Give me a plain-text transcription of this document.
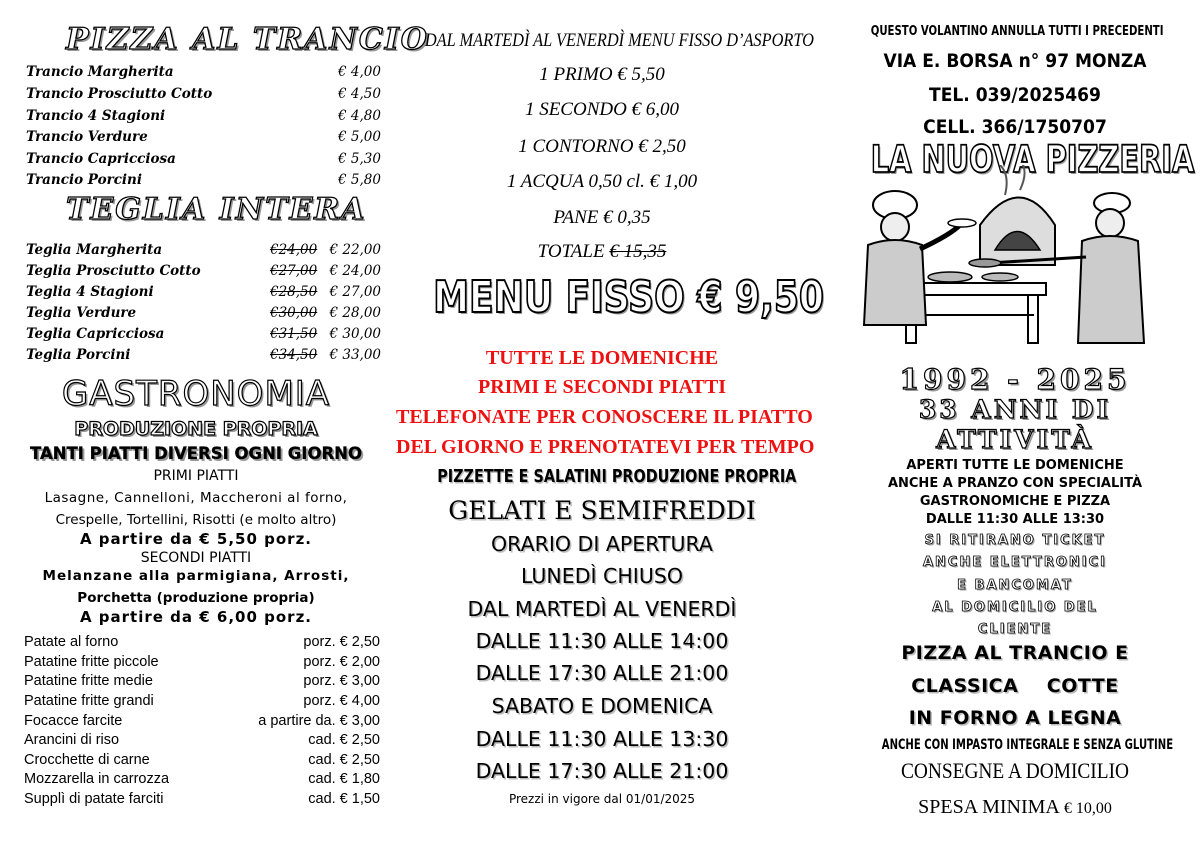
PIZZA AL TRANCIO
Trancio Margherita	€ 4,00
Trancio Prosciutto Cotto	€ 4,50
Trancio 4 Stagioni	€ 4,80
Trancio Verdure	€ 5,00
Trancio Capricciosa	€ 5,30
Trancio Porcini	€ 5,80
TEGLIA INTERA
Teglia Margherita	€24,00 € 22,00
Teglia Prosciutto Cotto	€27,00 € 24,00
Teglia 4 Stagioni	€28,50 € 27,00
Teglia Verdure	€30,00 € 28,00
Teglia Capricciosa	€31,50 € 30,00
Teglia Porcini	€34,50 € 33,00
GASTRONOMIA
PRODUZIONE PROPRIA
TANTI PIATTI DIVERSI OGNI GIORNO
PRIMI PIATTI
Lasagne, Cannelloni, Maccheroni al forno,
Crespelle, Tortellini, Risotti (e molto altro)
A partire da € 5,50 porz.
SECONDI PIATTI
Melanzane alla parmigiana, Arrosti,
Porchetta (produzione propria)
A partire da € 6,00 porz.
Patate al forno	porz. € 2,50
Patatine fritte piccole	porz. € 2,00
Patatine fritte medie	porz. € 3,00
Patatine fritte grandi	porz. € 4,00
Focacce farcite	a partire da. € 3,00
Arancini di riso	cad. € 2,50
Crocchette di carne	cad. € 2,50
Mozzarella in carrozza	cad. € 1,80
Supplì di patate farciti	cad. € 1,50
DAL MARTEDÌ AL VENERDÌ MENU FISSO D’ASPORTO
1 PRIMO € 5,50
1 SECONDO € 6,00
1 CONTORNO € 2,50
1 ACQUA 0,50 cl. € 1,00
PANE € 0,35
TOTALE € 15,35
MENU FISSO € 9,50
TUTTE LE DOMENICHE
PRIMI E SECONDI PIATTI
TELEFONATE PER CONOSCERE IL PIATTO
DEL GIORNO E PRENOTATEVI PER TEMPO
PIZZETTE E SALATINI PRODUZIONE PROPRIA
GELATI E SEMIFREDDI
ORARIO DI APERTURA
LUNEDÌ CHIUSO
DAL MARTEDÌ AL VENERDÌ
DALLE 11:30 ALLE 14:00
DALLE 17:30 ALLE 21:00
SABATO E DOMENICA
DALLE 11:30 ALLE 13:30
DALLE 17:30 ALLE 21:00
Prezzi in vigore dal 01/01/2025
QUESTO VOLANTINO ANNULLA TUTTI I PRECEDENTI
VIA E. BORSA n° 97 MONZA
TEL. 039/2025469
CELL. 366/1750707
LA NUOVA PIZZERIA
1992 - 2025
33 ANNI DI
ATTIVITÀ
APERTI TUTTE LE DOMENICHE
ANCHE A PRANZO CON SPECIALITÀ
GASTRONOMICHE E PIZZA
DALLE 11:30 ALLE 13:30
SI RITIRANO TICKET
ANCHE ELETTRONICI
E BANCOMAT
AL DOMICILIO DEL
CLIENTE
PIZZA AL TRANCIO E
CLASSICA    COTTE
IN FORNO A LEGNA
ANCHE CON IMPASTO INTEGRALE E SENZA GLUTINE
CONSEGNE A DOMICILIO
SPESA MINIMA € 10,00
